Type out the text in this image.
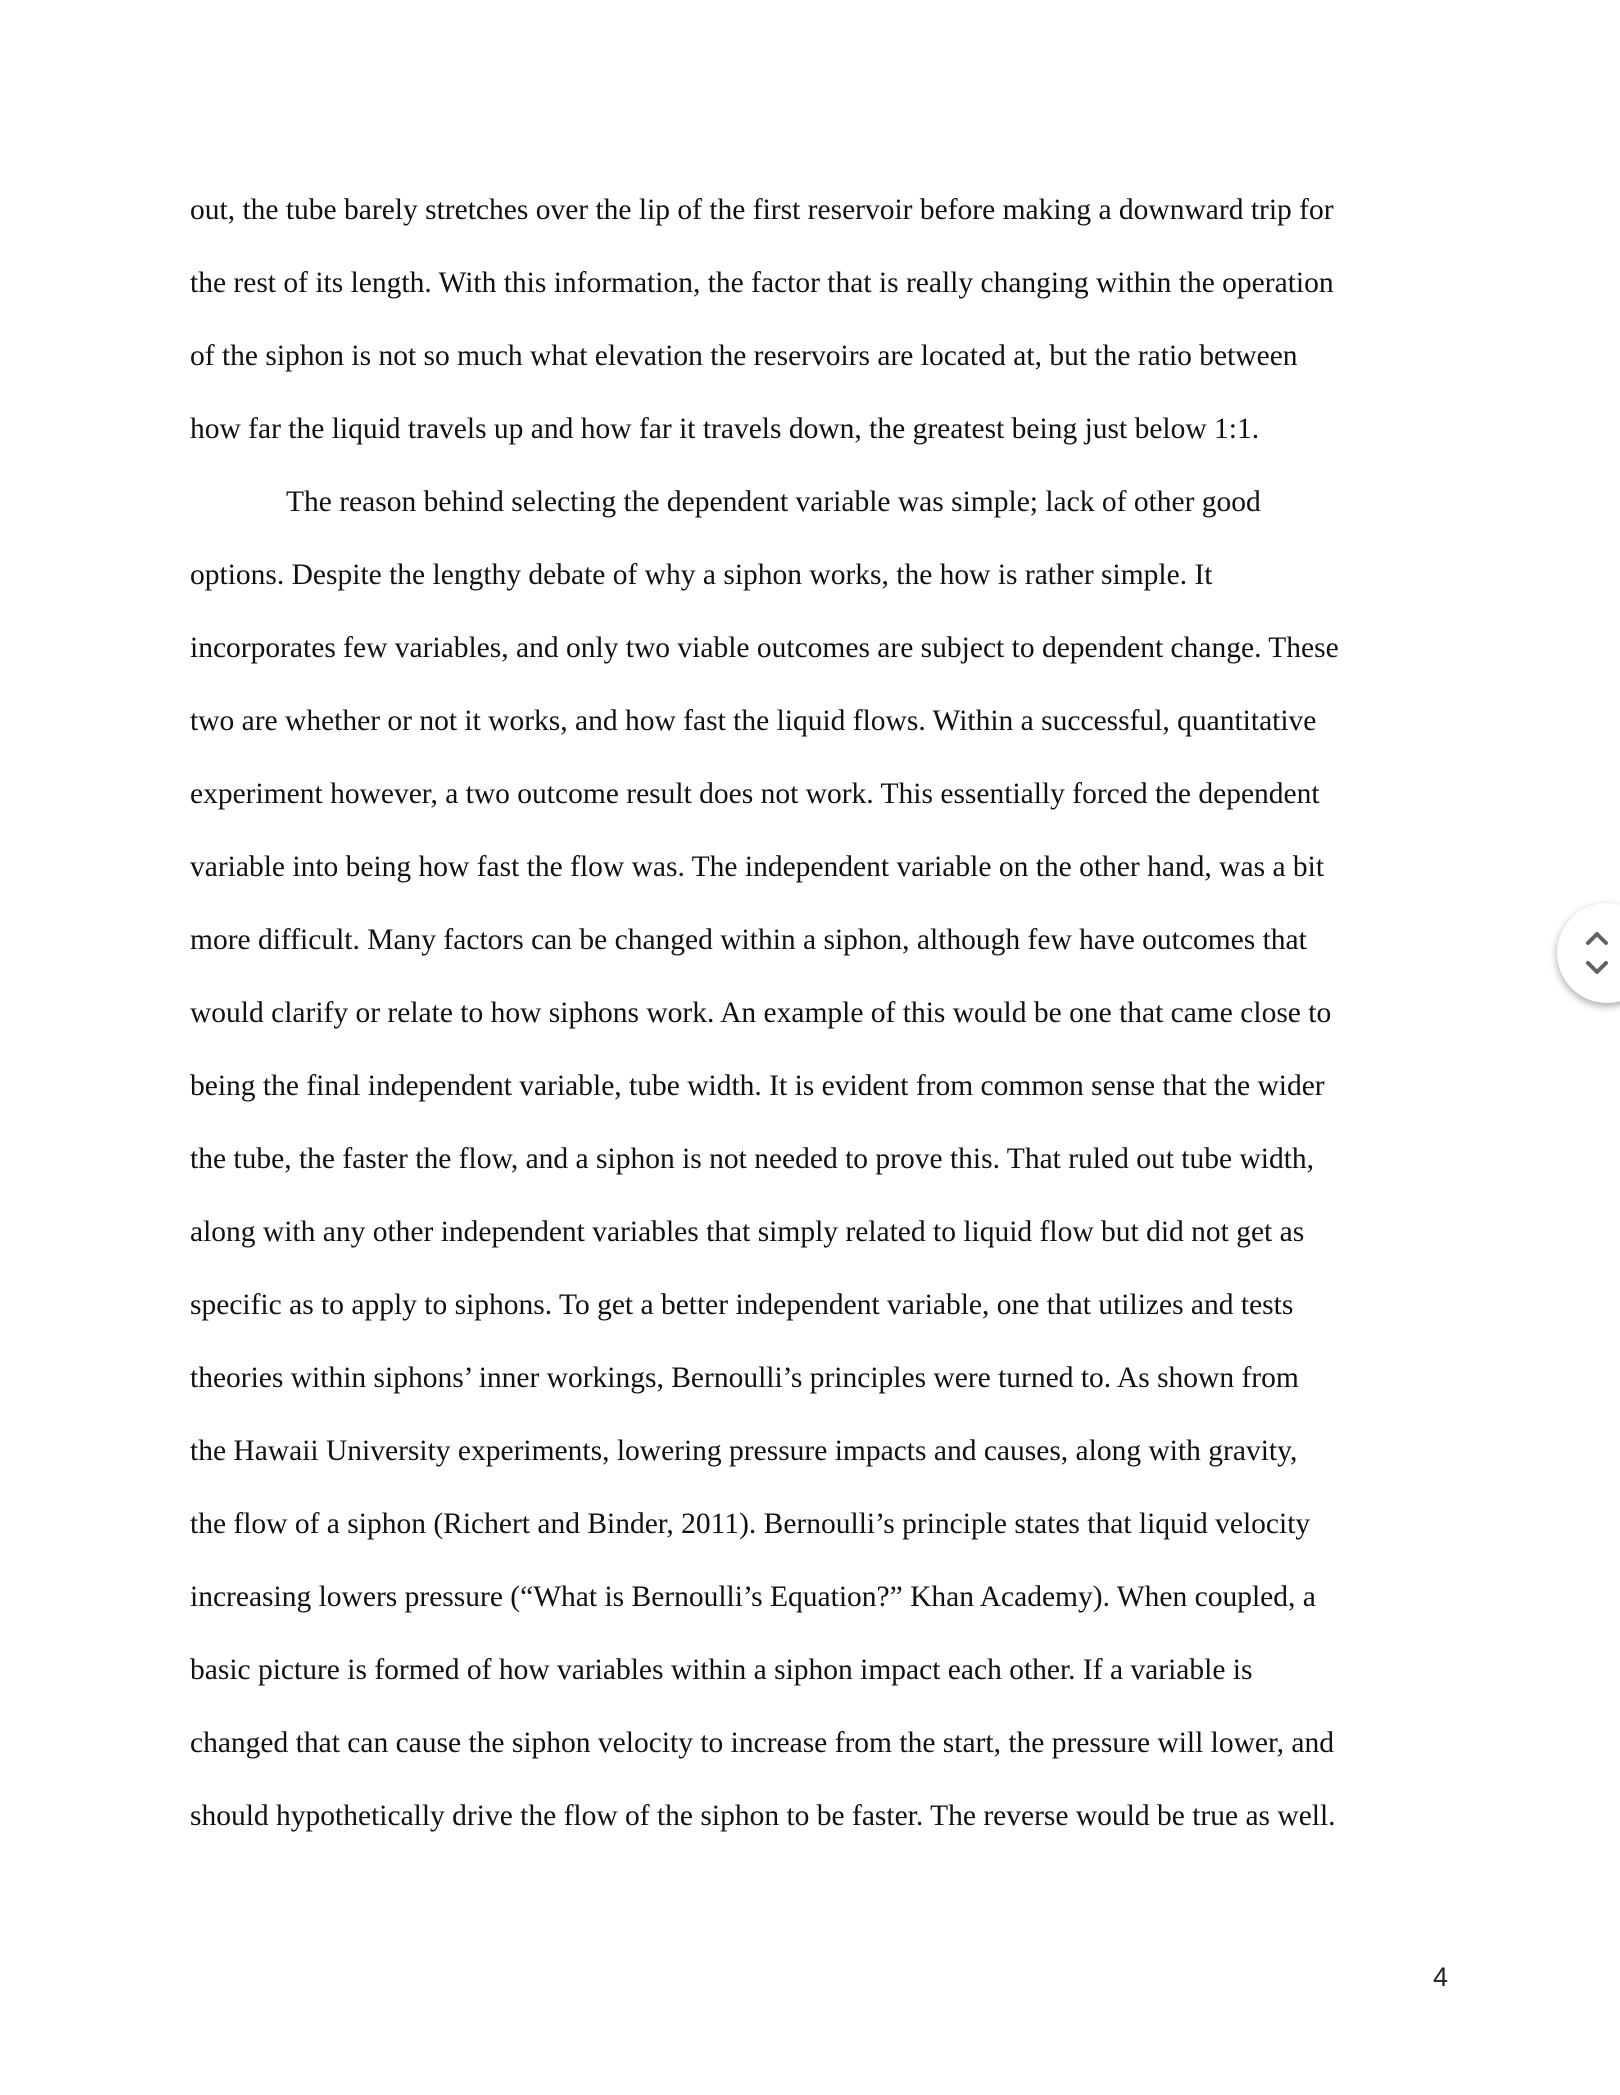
out, the tube barely stretches over the lip of the first reservoir before making a downward trip for
the rest of its length. With this information, the factor that is really changing within the operation
of the siphon is not so much what elevation the reservoirs are located at, but the ratio between
how far the liquid travels up and how far it travels down, the greatest being just below 1:1.
The reason behind selecting the dependent variable was simple; lack of other good
options. Despite the lengthy debate of why a siphon works, the how is rather simple. It
incorporates few variables, and only two viable outcomes are subject to dependent change. These
two are whether or not it works, and how fast the liquid flows. Within a successful, quantitative
experiment however, a two outcome result does not work. This essentially forced the dependent
variable into being how fast the flow was. The independent variable on the other hand, was a bit
more difficult. Many factors can be changed within a siphon, although few have outcomes that
would clarify or relate to how siphons work. An example of this would be one that came close to
being the final independent variable, tube width. It is evident from common sense that the wider
the tube, the faster the flow, and a siphon is not needed to prove this. That ruled out tube width,
along with any other independent variables that simply related to liquid flow but did not get as
specific as to apply to siphons. To get a better independent variable, one that utilizes and tests
theories within siphons’ inner workings, Bernoulli’s principles were turned to. As shown from
the Hawaii University experiments, lowering pressure impacts and causes, along with gravity,
the flow of a siphon (Richert and Binder, 2011). Bernoulli’s principle states that liquid velocity
increasing lowers pressure (“What is Bernoulli’s Equation?” Khan Academy). When coupled, a
basic picture is formed of how variables within a siphon impact each other. If a variable is
changed that can cause the siphon velocity to increase from the start, the pressure will lower, and
should hypothetically drive the flow of the siphon to be faster. The reverse would be true as well.
4
